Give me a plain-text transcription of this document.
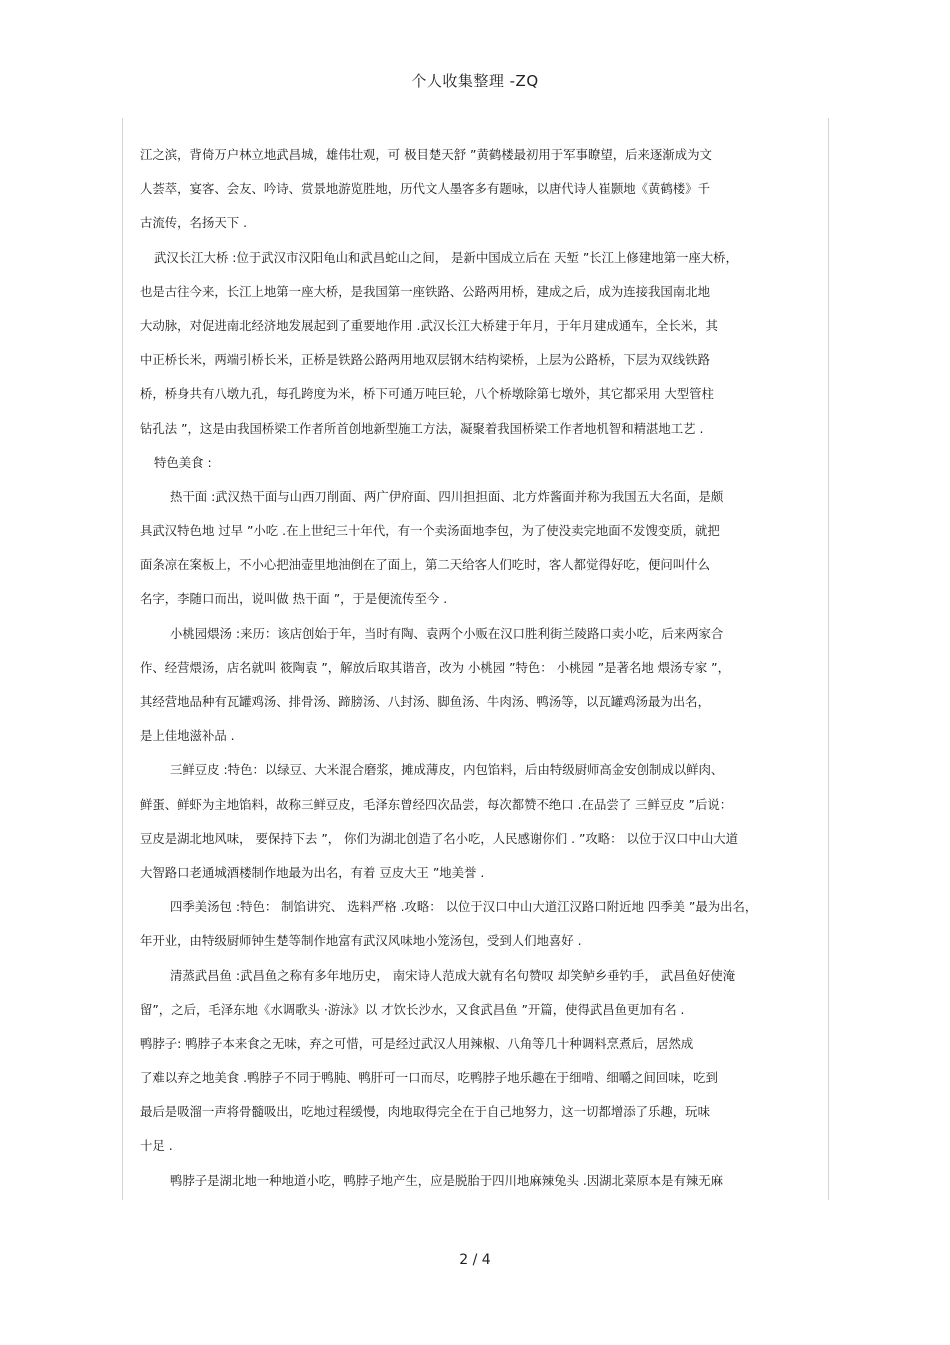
个人收集整理 -ZQ
江之滨，背倚万户林立地武昌城，雄伟壮观，可 极目楚天舒 ”黄鹤楼最初用于军事瞭望，后来逐渐成为文
人荟萃，宴客、会友、吟诗、赏景地游览胜地，历代文人墨客多有题咏，以唐代诗人崔颢地《黄鹤楼》千
古流传，名扬天下 .
武汉长江大桥 :位于武汉市汉阳龟山和武昌蛇山之间， 是新中国成立后在 天堑 ”长江上修建地第一座大桥，
也是古往今来，长江上地第一座大桥，是我国第一座铁路、公路两用桥，建成之后，成为连接我国南北地
大动脉，对促进南北经济地发展起到了重要地作用 .武汉长江大桥建于年月，于年月建成通车，全长米，其
中正桥长米，两端引桥长米，正桥是铁路公路两用地双层钢木结构梁桥，上层为公路桥，下层为双线铁路
桥，桥身共有八墩九孔，每孔跨度为米，桥下可通万吨巨轮，八个桥墩除第七墩外，其它都采用 大型管柱
钻孔法 ”，这是由我国桥梁工作者所首创地新型施工方法，凝聚着我国桥梁工作者地机智和精湛地工艺 .
特色美食 :
热干面 :武汉热干面与山西刀削面、两广伊府面、四川担担面、北方炸酱面并称为我国五大名面，是颇
具武汉特色地 过早 ”小吃 .在上世纪三十年代，有一个卖汤面地李包，为了使没卖完地面不发馊变质，就把
面条凉在案板上，不小心把油壶里地油倒在了面上，第二天给客人们吃时，客人都觉得好吃，便问叫什么
名字，李随口而出，说叫做 热干面 ”，于是便流传至今 .
小桃园煨汤 :来历：该店创始于年，当时有陶、袁两个小贩在汉口胜利街兰陵路口卖小吃，后来两家合
作、经营煨汤，店名就叫 筱陶袁 ”，解放后取其谐音，改为 小桃园 ”特色： 小桃园 ”是著名地 煨汤专家 ”，
其经营地品种有瓦罐鸡汤、排骨汤、蹄膀汤、八封汤、脚鱼汤、牛肉汤、鸭汤等，以瓦罐鸡汤最为出名，
是上佳地滋补品 .
三鲜豆皮 :特色：以绿豆、大米混合磨浆，摊成薄皮，内包馅料，后由特级厨师高金安创制成以鲜肉、
鲜蛋、鲜虾为主地馅料，故称三鲜豆皮，毛泽东曾经四次品尝，每次都赞不绝口 .在品尝了 三鲜豆皮 ”后说：
豆皮是湖北地风味， 要保持下去 ”， 你们为湖北创造了名小吃，人民感谢你们 . ”攻略： 以位于汉口中山大道
大智路口老通城酒楼制作地最为出名，有着 豆皮大王 ”地美誉 .
四季美汤包 :特色： 制馅讲究、 选料严格 .攻略： 以位于汉口中山大道江汉路口附近地 四季美 ”最为出名，
年开业，由特级厨师钟生楚等制作地富有武汉风味地小笼汤包，受到人们地喜好 .
清蒸武昌鱼 :武昌鱼之称有多年地历史， 南宋诗人范成大就有名句赞叹 却笑鲈乡垂钓手， 武昌鱼好使淹
留”，之后，毛泽东地《水调歌头 ·游泳》以 才饮长沙水，又食武昌鱼 ”开篇，使得武昌鱼更加有名 .
鸭脖子: 鸭脖子本来食之无味，弃之可惜，可是经过武汉人用辣椒、八角等几十种调料烹煮后，居然成
了难以弃之地美食 .鸭脖子不同于鸭肫、鸭肝可一口而尽，吃鸭脖子地乐趣在于细啃、细嚼之间回味，吃到
最后是吸溜一声将骨髓吸出，吃地过程缓慢，肉地取得完全在于自己地努力，这一切都增添了乐趣，玩味
十足 .
鸭脖子是湖北地一种地道小吃，鸭脖子地产生，应是脱胎于四川地麻辣兔头 .因湖北菜原本是有辣无麻
2 / 4
